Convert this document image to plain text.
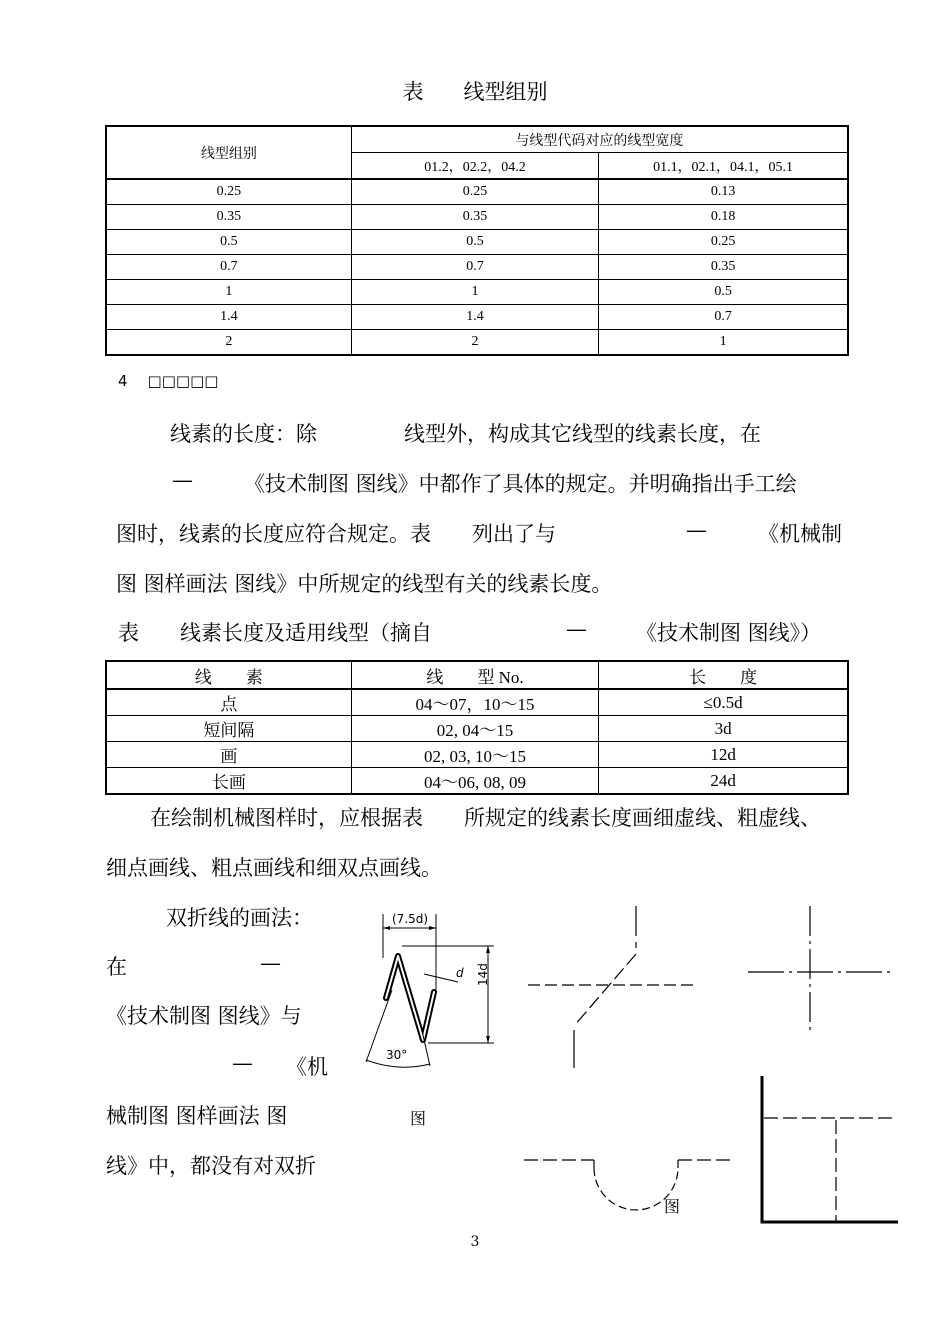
表 线型组别
线型组别	与线型代码对应的线型宽度	
	01.2，02.2，04.2	01.1，02.1，04.1，05.1
0.25	0.25	0.13
0.35	0.35	0.18
0.5	0.5	0.25
0.7	0.7	0.35
1	1	0.5
1.4	1.4	0.7
2	2	1
4 □□□□□
线素的长度：除	线型外，构成其它线型的线素长度，在
— 《技术制图 图线》中都作了具体的规定。并明确指出手工绘
图时，线素的长度应符合规定。表 列出了与	— 《机械制
图 图样画法 图线》中所规定的线型有关的线素长度。
表 线素长度及适用线型（摘自	— 《技术制图 图线》）
线　　素	线　　型 No.	长　　度
点	04～07，10～15	≤0.5d
短间隔	02, 04～15	3d
画	02, 03, 10～15	12d
长画	04～06, 08, 09	24d
在绘制机械图样时，应根据表 所规定的线素长度画细虚线、粗虚线、
细点画线、粗点画线和细双点画线。
双折线的画法：
在	—
《技术制图 图线》与
— 《机
械制图 图样画法 图
线》中，都没有对双折
(7.5d)
d 14d
30°
图
图
3
